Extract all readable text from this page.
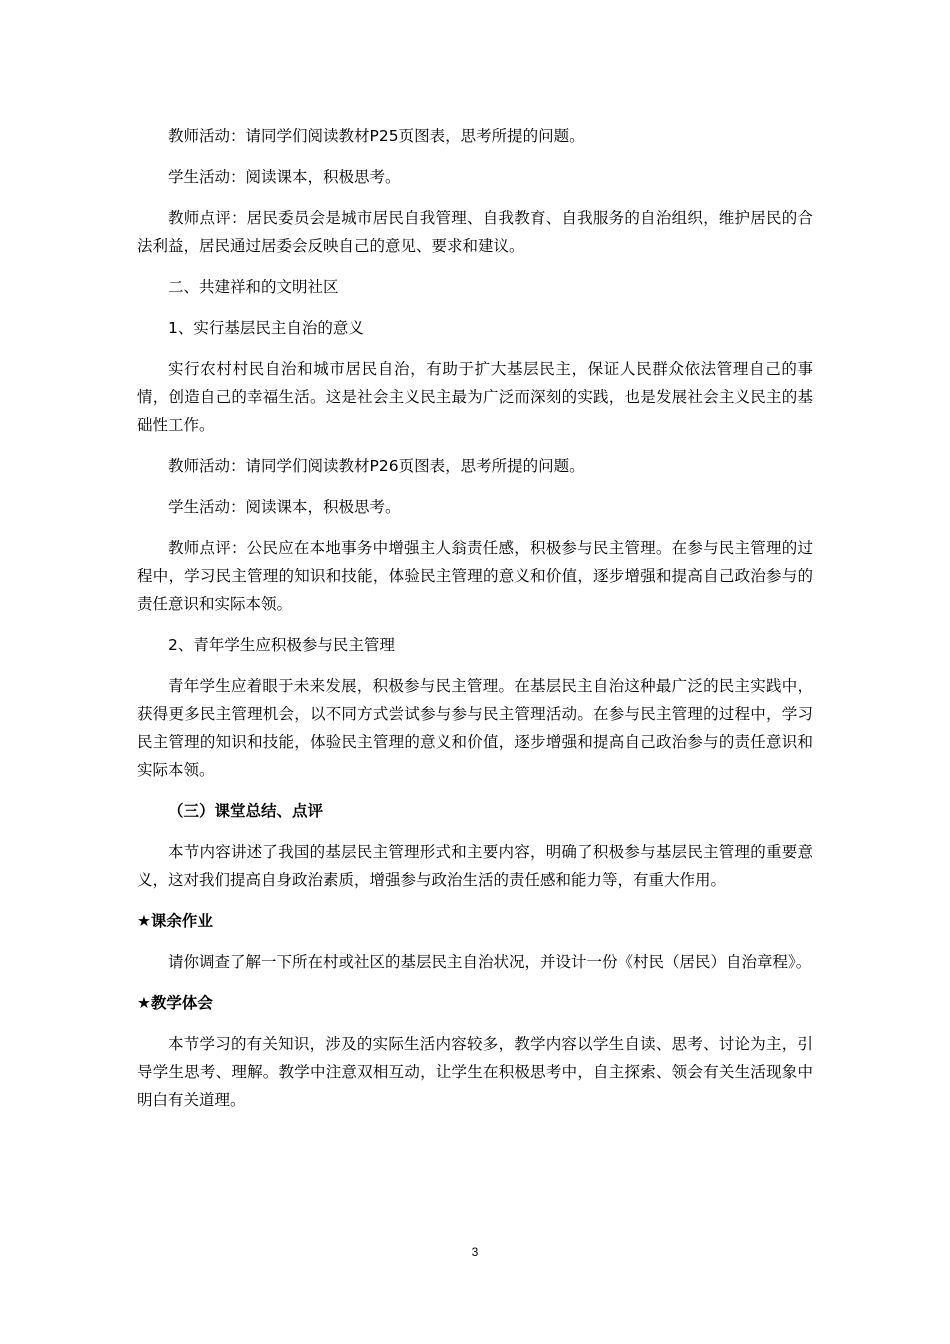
教师活动：请同学们阅读教材P25页图表，思考所提的问题。

学生活动：阅读课本，积极思考。

教师点评：居民委员会是城市居民自我管理、自我教育、自我服务的自治组织，维护居民的合法利益，居民通过居委会反映自己的意见、要求和建议。

二、共建祥和的文明社区

1、实行基层民主自治的意义

实行农村村民自治和城市居民自治，有助于扩大基层民主，保证人民群众依法管理自己的事情，创造自己的幸福生活。这是社会主义民主最为广泛而深刻的实践，也是发展社会主义民主的基础性工作。

教师活动：请同学们阅读教材P26页图表，思考所提的问题。

学生活动：阅读课本，积极思考。

教师点评：公民应在本地事务中增强主人翁责任感，积极参与民主管理。在参与民主管理的过程中，学习民主管理的知识和技能，体验民主管理的意义和价值，逐步增强和提高自己政治参与的责任意识和实际本领。

2、青年学生应积极参与民主管理

青年学生应着眼于未来发展，积极参与民主管理。在基层民主自治这种最广泛的民主实践中，获得更多民主管理机会，以不同方式尝试参与参与民主管理活动。在参与民主管理的过程中，学习民主管理的知识和技能，体验民主管理的意义和价值，逐步增强和提高自己政治参与的责任意识和实际本领。

（三）课堂总结、点评

本节内容讲述了我国的基层民主管理形式和主要内容，明确了积极参与基层民主管理的重要意义，这对我们提高自身政治素质，增强参与政治生活的责任感和能力等，有重大作用。

★课余作业

请你调查了解一下所在村或社区的基层民主自治状况，并设计一份《村民（居民）自治章程》。

★教学体会

本节学习的有关知识，涉及的实际生活内容较多，教学内容以学生自读、思考、讨论为主，引导学生思考、理解。教学中注意双相互动，让学生在积极思考中，自主探索、领会有关生活现象中明白有关道理。

3
